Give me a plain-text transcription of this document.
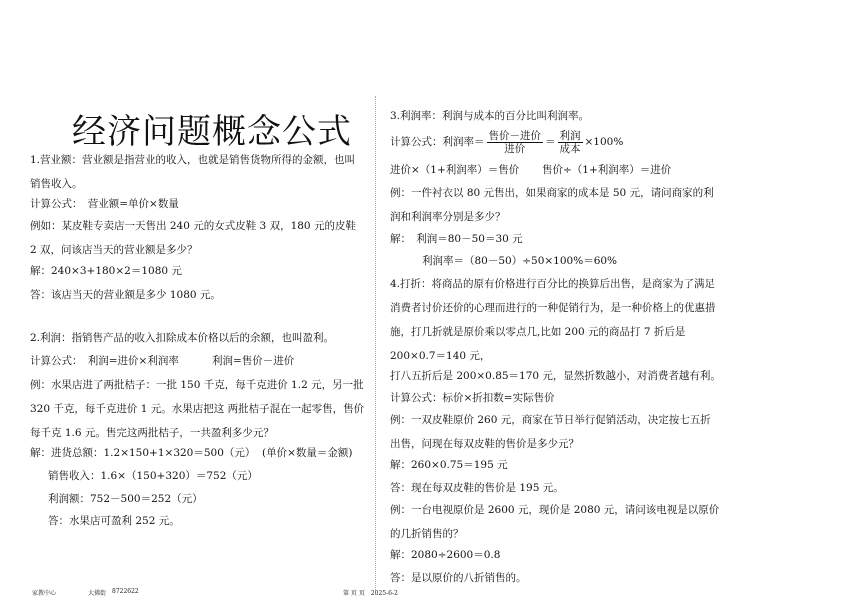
经济问题概念公式

1.营业额：营业额是指营业的收入，也就是销售货物所得的金额，也叫销售收入。

计算公式：　营业额=单价×数量

例如：某皮鞋专卖店一天售出 240 元的女式皮鞋 3 双，180 元的皮鞋 2 双，问该店当天的营业额是多少？

解：240×3+180×2＝1080 元

答：该店当天的营业额是多少 1080 元。

2.利润：指销售产品的收入扣除成本价格以后的余额，也叫盈利。

计算公式：　利润=进价×利润率	利润=售价－进价

例：水果店进了两批桔子：一批 150 千克，每千克进价 1.2 元，另一批 320 千克，每千克进价 1 元。水果店把这 两批桔子混在一起零售，售价每千克 1.6 元。售完这两批桔子，一共盈利多少元？

解：进货总额：1.2×150+1×320＝500（元） (单价×数量＝金额)

销售收入：1.6×（150+320）＝752（元）

利润额：752－500＝252（元）

答：水果店可盈利 252 元。

3.利润率：利润与成本的百分比叫利润率。

计算公式：利润率＝ $\frac{\text{售价－进价}}{\text{进价}} = \frac{\text{利润}}{\text{成本}} \times 100\%$

进价×（1+利润率）＝售价 售价÷（1+利润率）＝进价

例：一件衬衣以 80 元售出，如果商家的成本是 50 元，请问商家的利润和利润率分别是多少？

解：　利润＝80－50＝30 元

利润率＝（80－50）÷50×100%＝60%

4.打折：将商品的原有价格进行百分比的换算后出售，是商家为了满足消费者讨价还价的心理而进行的一种促销行为，是一种价格上的优惠措施，打几折就是原价乘以零点几,比如 200 元的商品打 7 折后是 200×0.7＝140 元，

打八五折后是 200×0.85＝170 元，显然折数越小，对消费者越有利。

计算公式：标价×折扣数=实际售价

例：一双皮鞋原价 260 元，商家在节日举行促销活动，决定按七五折出售，问现在每双皮鞋的售价是多少元？

解：260×0.75＝195 元

答：现在每双皮鞋的售价是 195 元。

例：一台电视原价是 2600 元，现价是 2080 元，请问该电视是以原价的几折销售的？

解：2080÷2600＝0.8

答：是以原价的八折销售的。

家教中心	大佛街 8722622	第 页 页　2025-6-2
